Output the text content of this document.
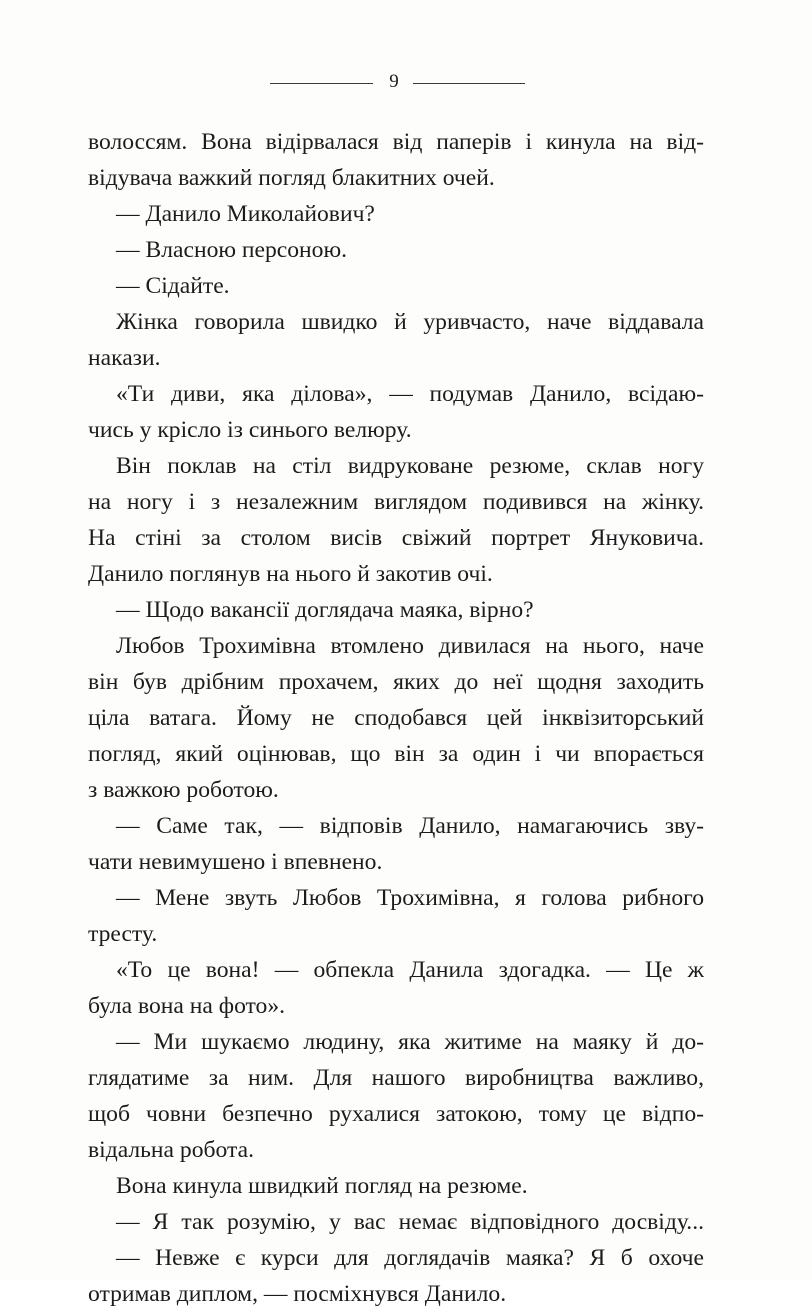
9
волоссям. Вона відірвалася від паперів і кинула на від-
відувача важкий погляд блакитних очей.
— Данило Миколайович?
— Власною персоною.
— Сідайте.
Жінка говорила швидко й уривчасто, наче віддавала
накази.
«Ти диви, яка ділова», — подумав Данило, всідаю-
чись у крісло із синього велюру.
Він поклав на стіл видруковане резюме, склав ногу
на ногу і з незалежним виглядом подивився на жінку.
На стіні за столом висів свіжий портрет Януковича.
Данило поглянув на нього й закотив очі.
— Щодо вакансії доглядача маяка, вірно?
Любов Трохимівна втомлено дивилася на нього, наче
він був дрібним прохачем, яких до неї щодня заходить
ціла ватага. Йому не сподобався цей інквізиторський
погляд, який оцінював, що він за один і чи впорається
з важкою роботою.
— Саме так, — відповів Данило, намагаючись зву-
чати невимушено і впевнено.
— Мене звуть Любов Трохимівна, я голова рибного
тресту.
«То це вона! — обпекла Данила здогадка. — Це ж
була вона на фото».
— Ми шукаємо людину, яка житиме на маяку й до-
глядатиме за ним. Для нашого виробництва важливо,
щоб човни безпечно рухалися затокою, тому це відпо-
відальна робота.
Вона кинула швидкий погляд на резюме.
— Я так розумію, у вас немає відповідного досвіду...
— Невже є курси для доглядачів маяка? Я б охоче
отримав диплом, — посміхнувся Данило.
